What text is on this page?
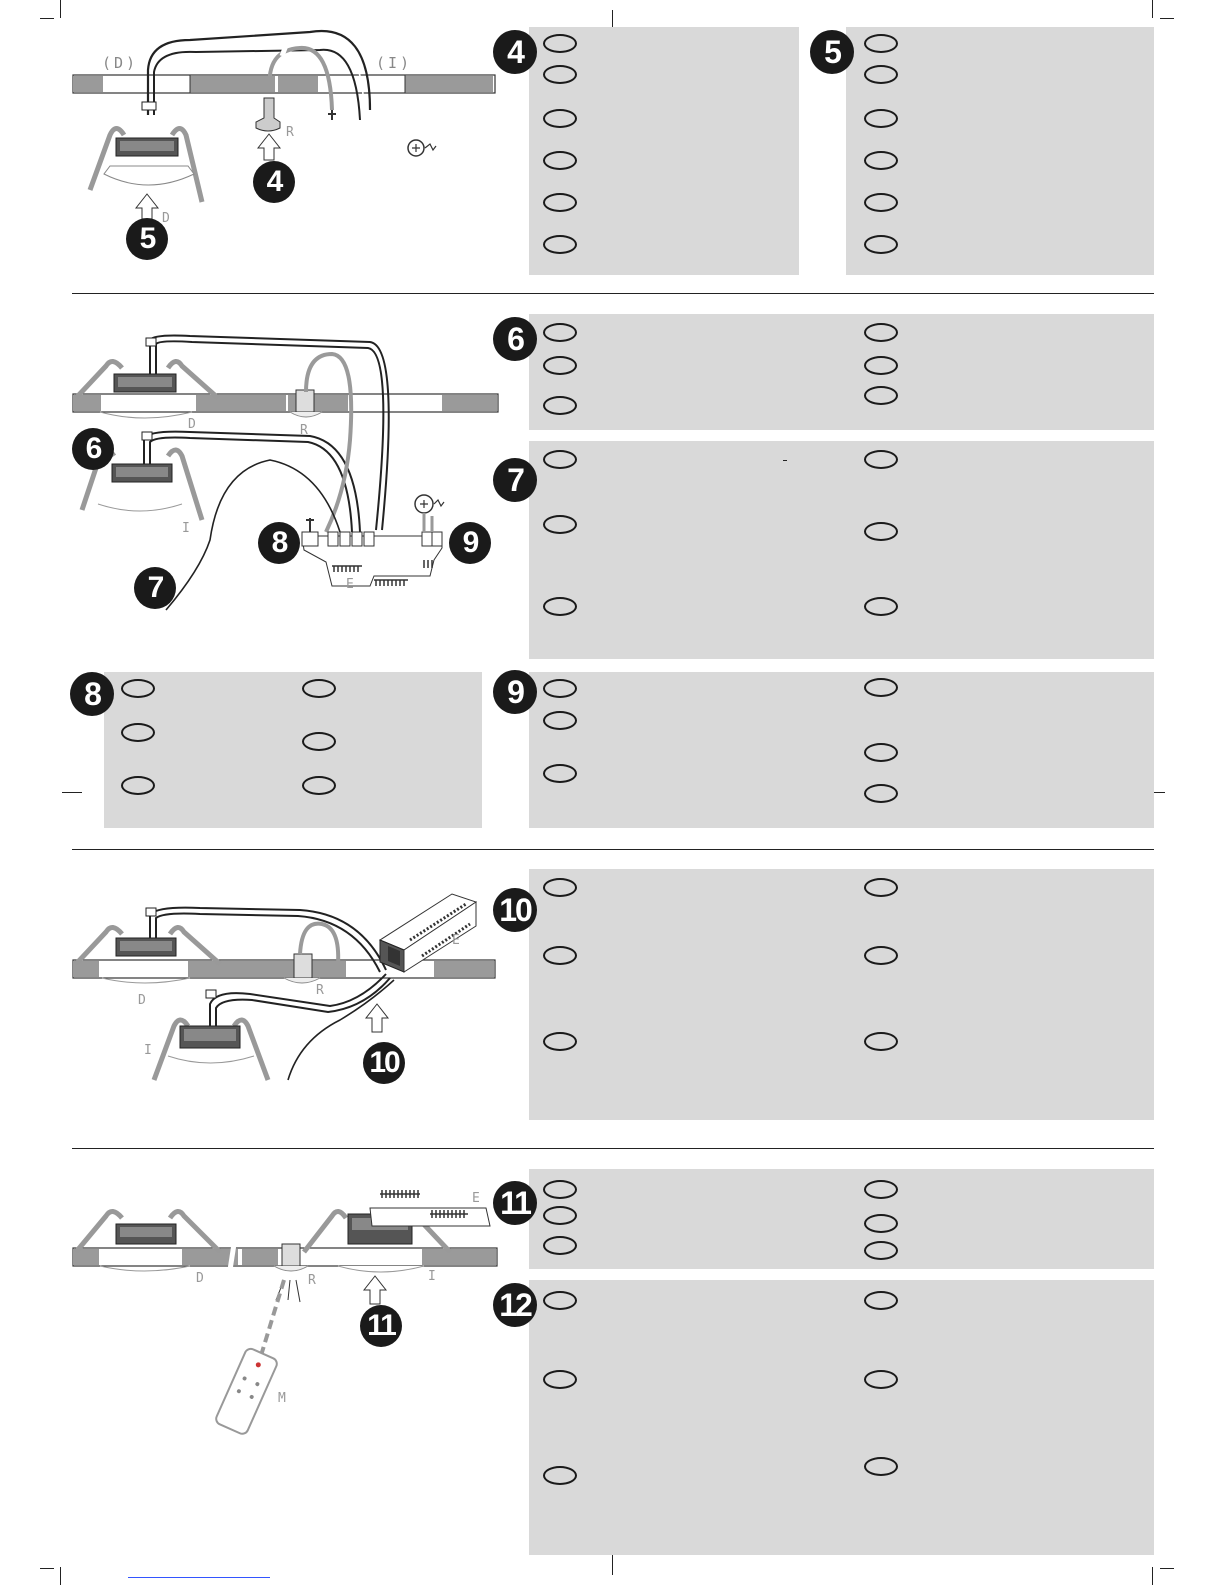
4	5
6
7
8	9
10
11
12
(D)	(I)
R
D
4
5
D	R
I
E
6
7
8	9
D
R
I
E
10
D	R
M
I
E
11
